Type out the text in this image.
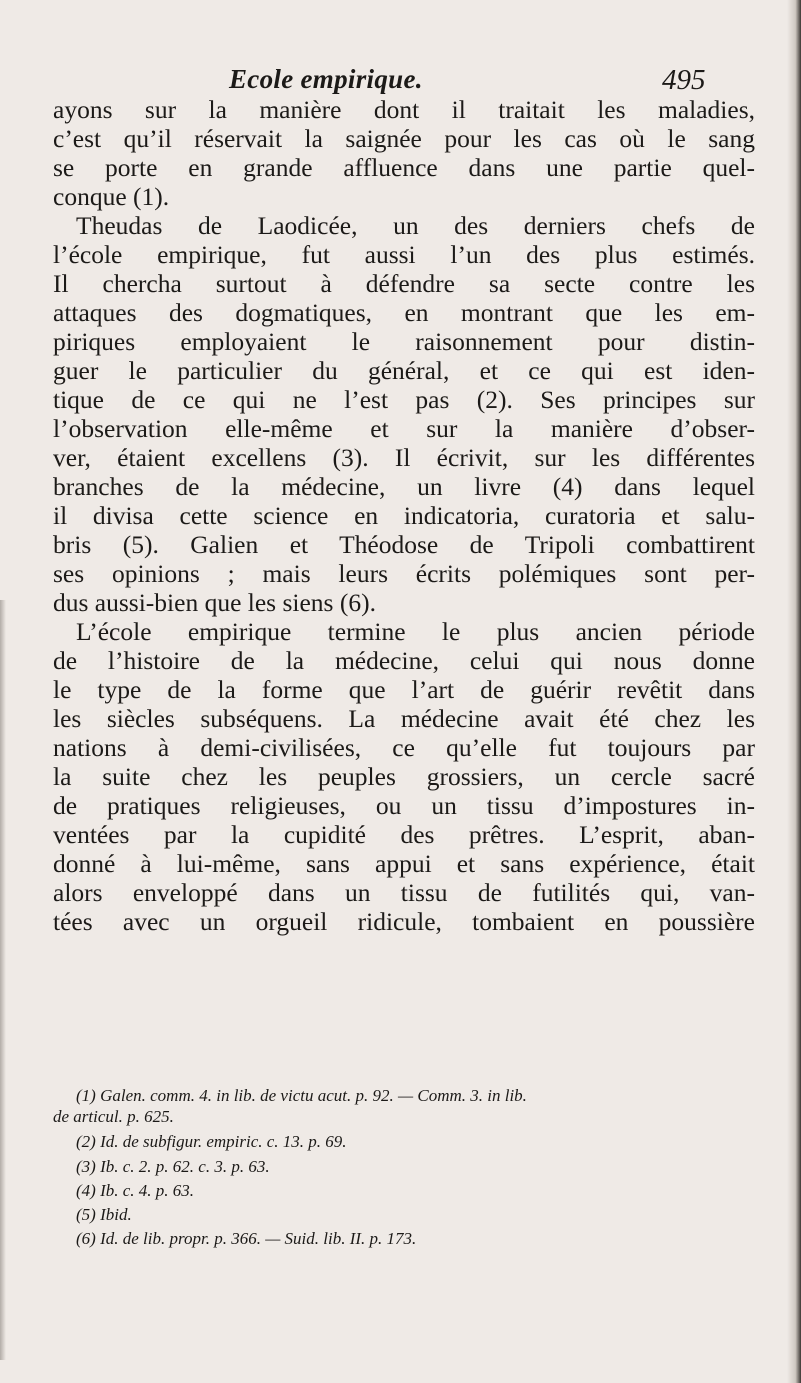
Ecole empirique.	495
ayons sur la manière dont il traitait les maladies,
c’est qu’il réservait la saignée pour les cas où le sang
se porte en grande affluence dans une partie quel-
conque (1).
Theudas de Laodicée, un des derniers chefs de
l’école empirique, fut aussi l’un des plus estimés.
Il chercha surtout à défendre sa secte contre les
attaques des dogmatiques, en montrant que les em-
piriques employaient le raisonnement pour distin-
guer le particulier du général, et ce qui est iden-
tique de ce qui ne l’est pas (2). Ses principes sur
l’observation elle-même et sur la manière d’obser-
ver, étaient excellens (3). Il écrivit, sur les différentes
branches de la médecine, un livre (4) dans lequel
il divisa cette science en indicatoria, curatoria et salu-
bris (5). Galien et Théodose de Tripoli combattirent
ses opinions ; mais leurs écrits polémiques sont per-
dus aussi-bien que les siens (6).
L’école empirique termine le plus ancien période
de l’histoire de la médecine, celui qui nous donne
le type de la forme que l’art de guérir revêtit dans
les siècles subséquens. La médecine avait été chez les
nations à demi-civilisées, ce qu’elle fut toujours par
la suite chez les peuples grossiers, un cercle sacré
de pratiques religieuses, ou un tissu d’impostures in-
ventées par la cupidité des prêtres. L’esprit, aban-
donné à lui-même, sans appui et sans expérience, était
alors enveloppé dans un tissu de futilités qui, van-
tées avec un orgueil ridicule, tombaient en poussière
(1) Galen. comm. 4. in lib. de victu acut. p. 92. — Comm. 3. in lib.
de articul. p. 625.
(2) Id. de subfigur. empiric. c. 13. p. 69.
(3) Ib. c. 2. p. 62. c. 3. p. 63.
(4) Ib. c. 4. p. 63.
(5) Ibid.
(6) Id. de lib. propr. p. 366. — Suid. lib. II. p. 173.
